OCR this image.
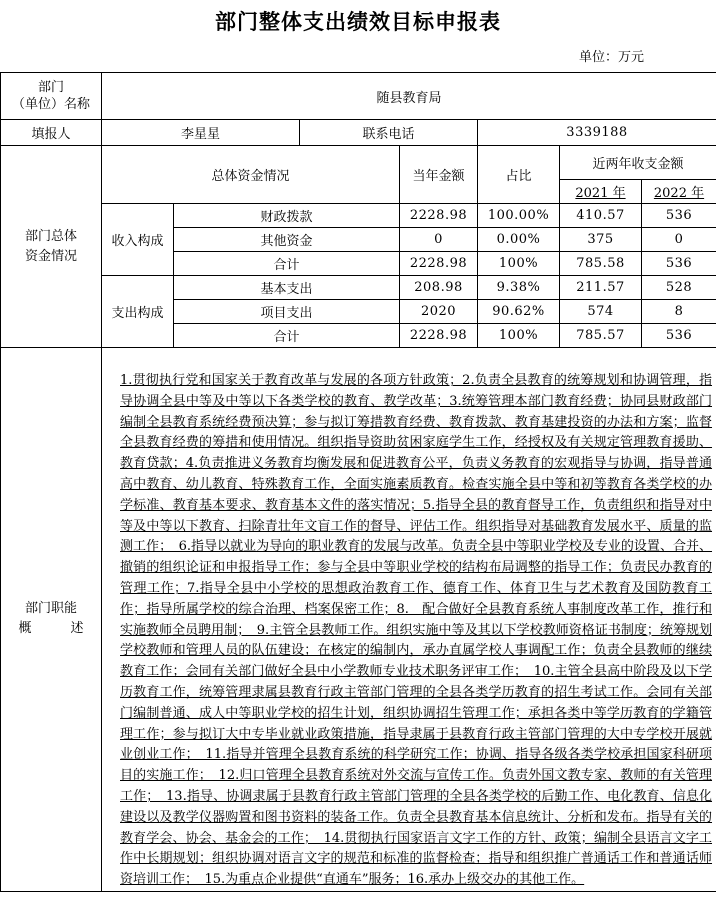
部门整体支出绩效目标申报表
单位：万元
部门
（单位）名称	随县教育局						
填报人	李星星		联系电话		3339188		

部门总体资金情况	总体资金情况			当年金额	占比	近两年收支金额	
						2021 年	2022 年
	收入构成	财政拨款		2228.98	100.00%	410.57	536
		其他资金		0	0.00%	375	0
		合计		2228.98	100%	785.58	536
	支出构成	基本支出		208.98	9.38%	211.57	528
		项目支出		2020	90.62%	574	8
		合计		2228.98	100%	785.57	536

部门职能
概　　　述	1.贯彻执行党和国家关于教育改革与发展的各项方针政策；2.负责全县教育的统筹规划和协调管理，指导协调全县中等及中等以下各类学校的教育、教学改革；3.统筹管理本部门教育经费；协同县财政部门编制全县教育系统经费预决算；参与拟订筹措教育经费、教育拨款、教育基建投资的办法和方案；监督全县教育经费的筹措和使用情况。组织指导资助贫困家庭学生工作，经授权及有关规定管理教育援助、教育贷款；4.负责推进义务教育均衡发展和促进教育公平，负责义务教育的宏观指导与协调，指导普通高中教育、幼儿教育、特殊教育工作，全面实施素质教育。检查实施全县中等和初等教育各类学校的办学标准、教育基本要求、教育基本文件的落实情况；5.指导全县的教育督导工作，负责组织和指导对中等及中等以下教育、扫除青壮年文盲工作的督导、评估工作。组织指导对基础教育发展水平、质量的监测工作；　6.指导以就业为导向的职业教育的发展与改革。负责全县中等职业学校及专业的设置、合并、撤销的组织论证和申报指导工作；参与全县中等职业学校的结构布局调整的指导工作；负责民办教育的管理工作；7.指导全县中小学校的思想政治教育工作、德育工作、体育卫生与艺术教育及国防教育工作；指导所属学校的综合治理、档案保密工作；8.　配合做好全县教育系统人事制度改革工作，推行和实施教师全员聘用制；　9.主管全县教师工作。组织实施中等及其以下学校教师资格证书制度；统筹规划学校教师和管理人员的队伍建设；在核定的编制内，承办直属学校人事调配工作；负责全县教师的继续教育工作；会同有关部门做好全县中小学教师专业技术职务评审工作；　10.主管全县高中阶段及以下学历教育工作，统筹管理隶属县教育行政主管部门管理的全县各类学历教育的招生考试工作。会同有关部门编制普通、成人中等职业学校的招生计划，组织协调招生管理工作；承担各类中等学历教育的学籍管理工作；参与拟订大中专毕业就业政策措施，指导隶属于县教育行政主管部门管理的大中专学校开展就业创业工作；　11.指导并管理全县教育系统的科学研究工作；协调、指导各级各类学校承担国家科研项目的实施工作；　12.归口管理全县教育系统对外交流与宣传工作。负责外国文教专家、教师的有关管理工作；　13.指导、协调隶属于县教育行政主管部门管理的全县各类学校的后勤工作、电化教育、信息化建设以及教学仪器购置和图书资料的装备工作。负责全县教育基本信息统计、分析和发布。指导有关的教育学会、协会、基金会的工作；　14.贯彻执行国家语言文字工作的方针、政策；编制全县语言文字工作中长期规划；组织协调对语言文字的规范和标准的监督检查；指导和组织推广普通话工作和普通话师资培训工作；　15.为重点企业提供“直通车”服务；16.承办上级交办的其他工作。						
